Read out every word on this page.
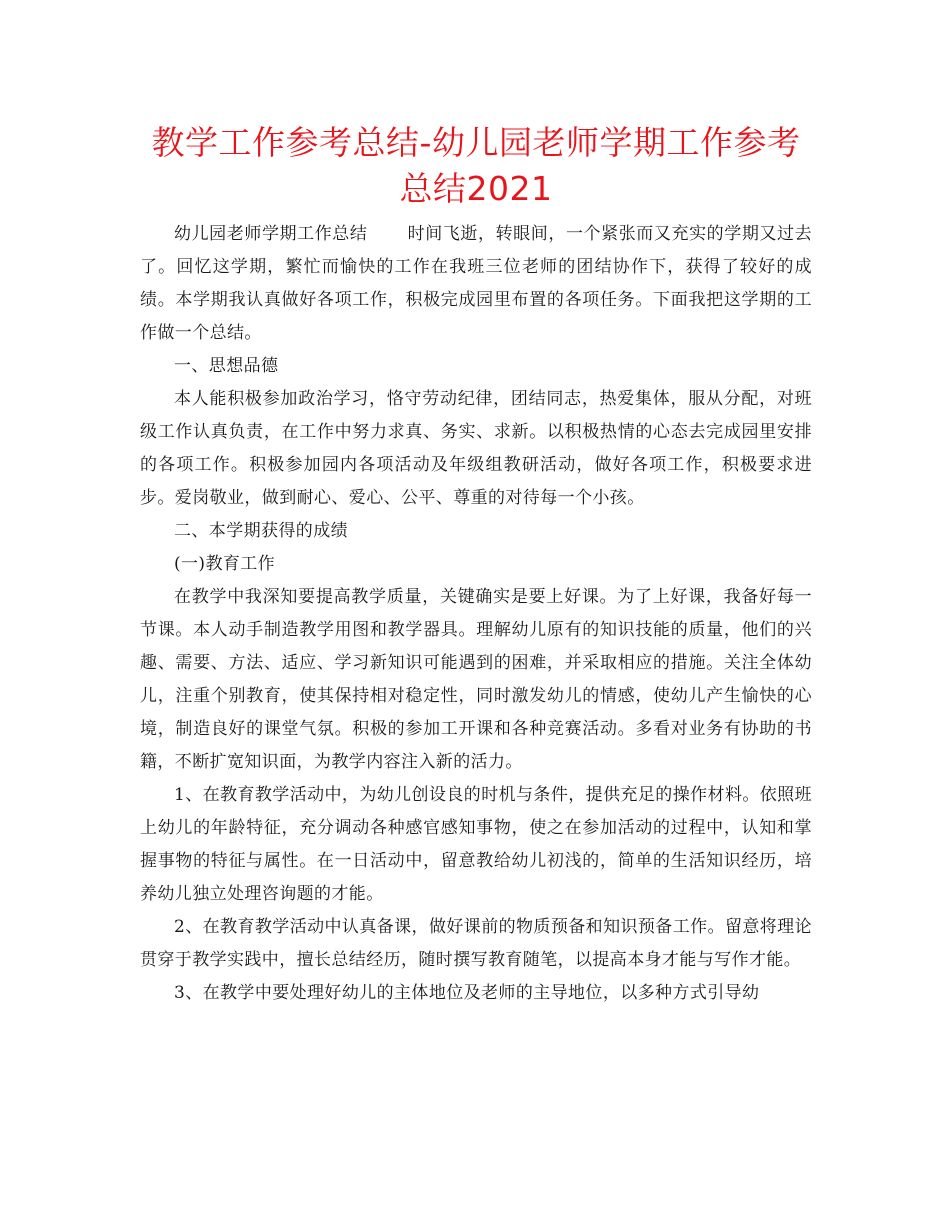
教学工作参考总结-幼儿园老师学期工作参考总结2021

幼儿园老师学期工作总结 时间飞逝，转眼间，一个紧张而又充实的学期又过去了。回忆这学期，繁忙而愉快的工作在我班三位老师的团结协作下，获得了较好的成绩。本学期我认真做好各项工作，积极完成园里布置的各项任务。下面我把这学期的工作做一个总结。

一、思想品德

本人能积极参加政治学习，恪守劳动纪律，团结同志，热爱集体，服从分配，对班级工作认真负责，在工作中努力求真、务实、求新。以积极热情的心态去完成园里安排的各项工作。积极参加园内各项活动及年级组教研活动，做好各项工作，积极要求进步。爱岗敬业，做到耐心、爱心、公平、尊重的对待每一个小孩。

二、本学期获得的成绩

(一)教育工作

在教学中我深知要提高教学质量，关键确实是要上好课。为了上好课，我备好每一节课。本人动手制造教学用图和教学器具。理解幼儿原有的知识技能的质量，他们的兴趣、需要、方法、适应、学习新知识可能遇到的困难，并采取相应的措施。关注全体幼儿，注重个别教育，使其保持相对稳定性，同时激发幼儿的情感，使幼儿产生愉快的心境，制造良好的课堂气氛。积极的参加工开课和各种竞赛活动。多看对业务有协助的书籍，不断扩宽知识面，为教学内容注入新的活力。

1、在教育教学活动中，为幼儿创设良的时机与条件，提供充足的操作材料。依照班上幼儿的年龄特征，充分调动各种感官感知事物，使之在参加活动的过程中，认知和掌握事物的特征与属性。在一日活动中，留意教给幼儿初浅的，简单的生活知识经历，培养幼儿独立处理咨询题的才能。

2、在教育教学活动中认真备课，做好课前的物质预备和知识预备工作。留意将理论贯穿于教学实践中，擅长总结经历，随时撰写教育随笔，以提高本身才能与写作才能。

3、在教学中要处理好幼儿的主体地位及老师的主导地位，以多种方式引导幼
